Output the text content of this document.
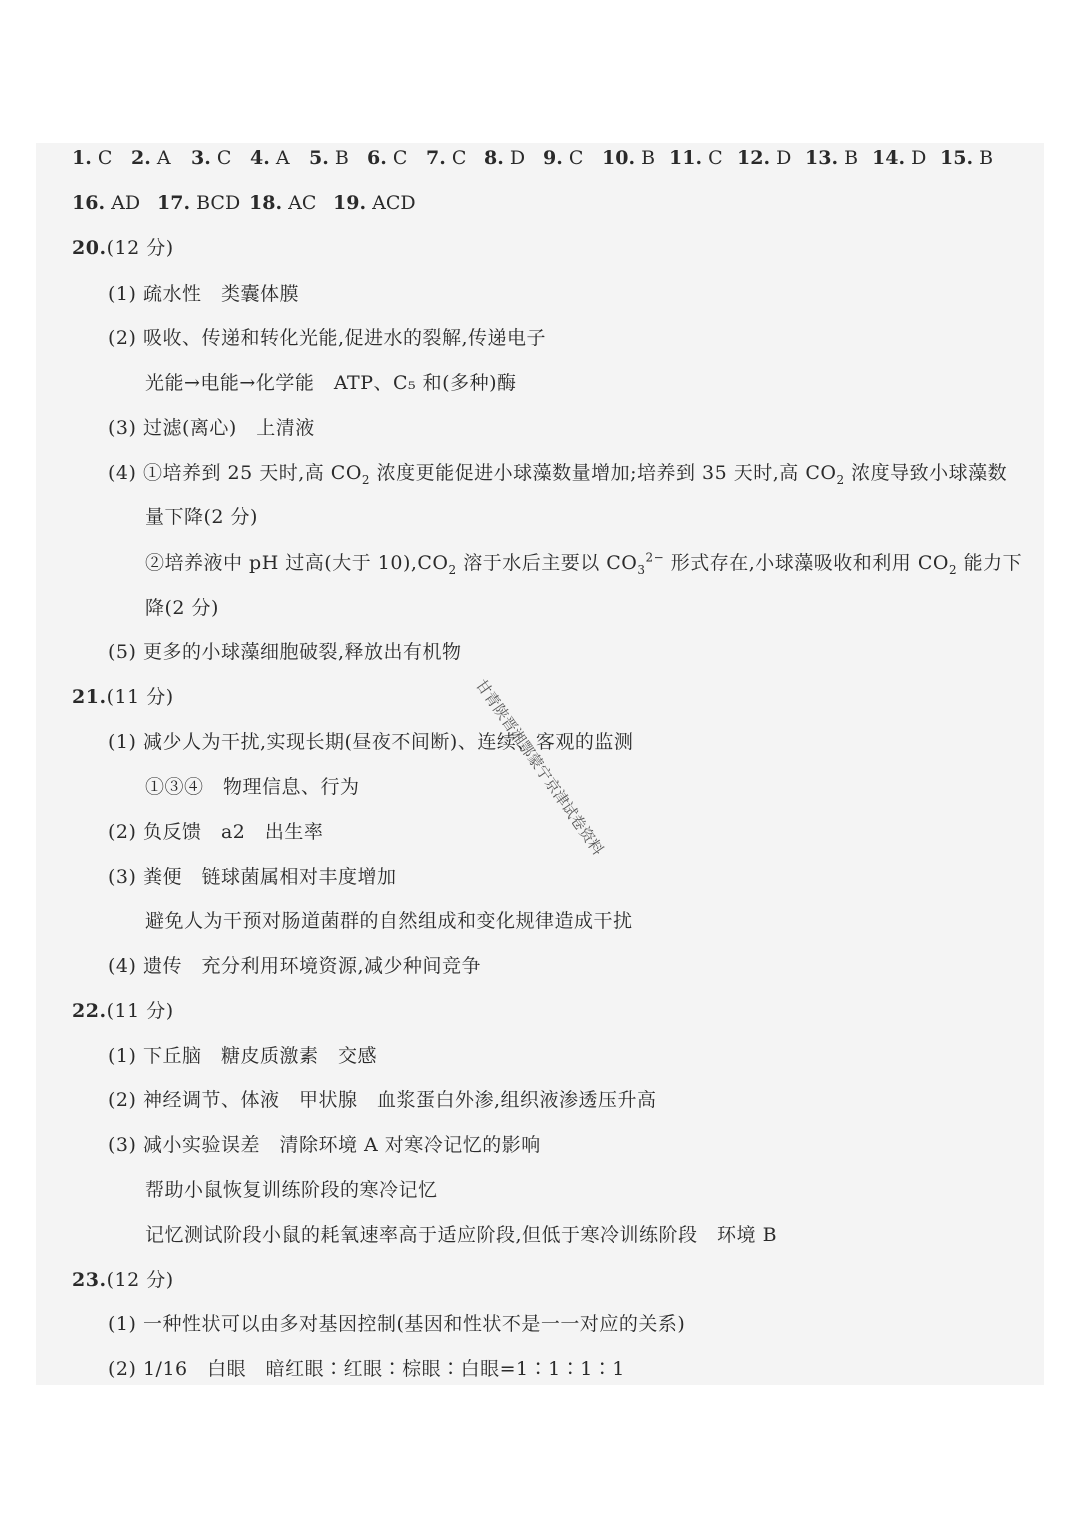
1. C 2. A 3. C 4. A 5. B 6. C 7. C 8. D 9. C 10. B 11. C 12. D 13. B 14. D 15. B
16. AD 17. BCD 18. AC 19. ACD
20.(12 分)
(1) 疏水性　类囊体膜
(2) 吸收、传递和转化光能,促进水的裂解,传递电子
光能→电能→化学能　ATP、C₅ 和(多种)酶
(3) 过滤(离心)　上清液
(4) ①培养到 25 天时,高 $CO_2$ 浓度更能促进小球藻数量增加;培养到 35 天时,高 $CO_2$ 浓度导致小球藻数
量下降(2 分)
②培养液中 pH 过高(大于 $10),CO_2$ 溶于水后主要以 $CO_3^{2-}$ 形式存在,小球藻吸收和利用 $CO_2$ 能力下
降(2 分)
(5) 更多的小球藻细胞破裂,释放出有机物
21.(11 分)
(1) 减少人为干扰,实现长期(昼夜不间断)、连续、客观的监测
①③④　物理信息、行为
(2) 负反馈　a2　出生率
(3) 粪便　链球菌属相对丰度增加
避免人为干预对肠道菌群的自然组成和变化规律造成干扰
(4) 遗传　充分利用环境资源,减少种间竞争
22.(11 分)
(1) 下丘脑　糖皮质激素　交感
(2) 神经调节、体液　甲状腺　血浆蛋白外渗,组织液渗透压升高
(3) 减小实验误差　清除环境 A 对寒冷记忆的影响
帮助小鼠恢复训练阶段的寒冷记忆
记忆测试阶段小鼠的耗氧速率高于适应阶段,但低于寒冷训练阶段　环境 B
23.(12 分)
(1) 一种性状可以由多对基因控制(基因和性状不是一一对应的关系)
(2) 1/16　白眼　暗红眼∶红眼∶棕眼∶白眼=1∶1∶1∶1
甘青陕晋湘鄂蒙宁京津试卷资料
